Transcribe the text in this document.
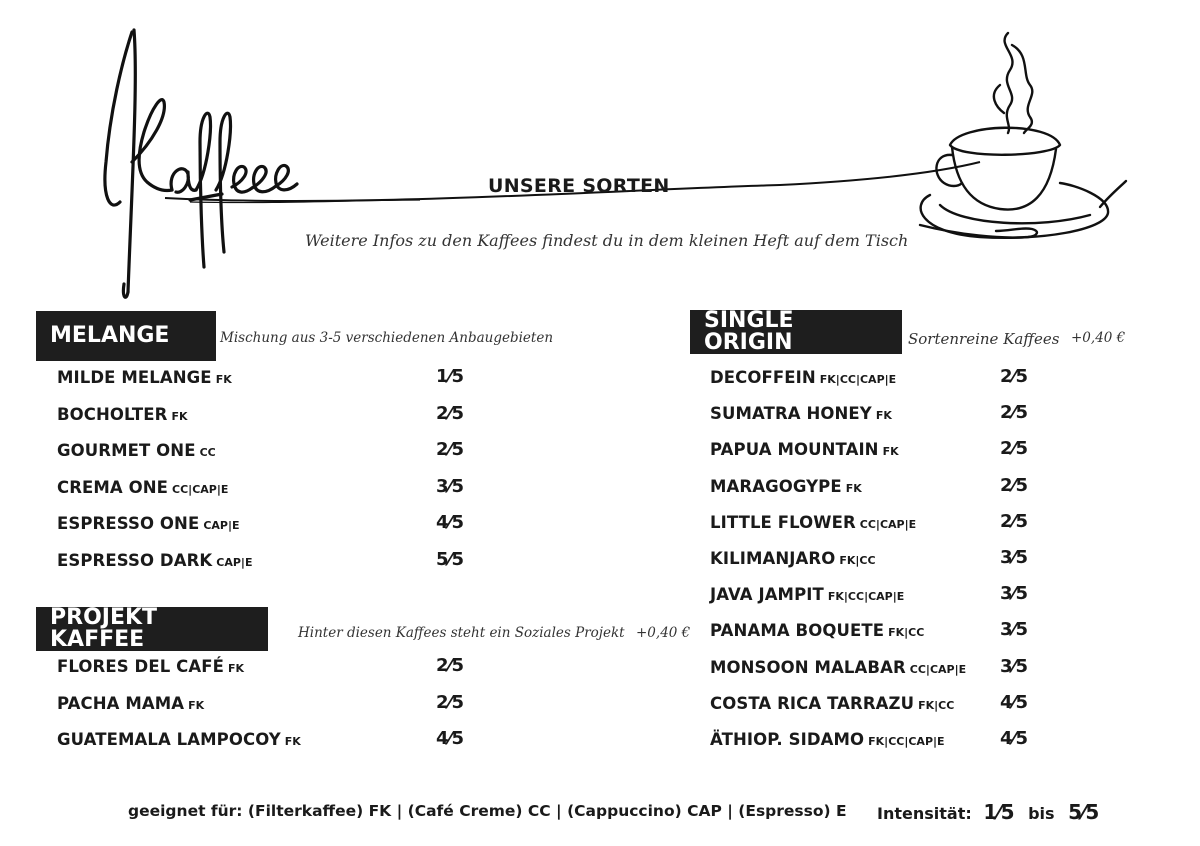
UNSERE SORTEN
Weitere Infos zu den Kaffees findest du in dem kleinen Heft auf dem Tisch
MELANGE	Mischung aus 3-5 verschiedenen Anbaugebieten
MILDE MELANGE FK	1⁄5
BOCHOLTER FK	2⁄5
GOURMET ONE CC	2⁄5
CREMA ONE CC|CAP|E	3⁄5
ESPRESSO ONE CAP|E	4⁄5
ESPRESSO DARK CAP|E	5⁄5
PROJEKT KAFFEE	Hinter diesen Kaffees steht ein Soziales Projekt +0,40 €
FLORES DEL CAFÉ FK	2⁄5
PACHA MAMA FK	2⁄5
GUATEMALA LAMPOCOY FK	4⁄5
SINGLE ORIGIN	Sortenreine Kaffees +0,40 €
DECOFFEIN FK|CC|CAP|E	2⁄5
SUMATRA HONEY FK	2⁄5
PAPUA MOUNTAIN FK	2⁄5
MARAGOGYPE FK	2⁄5
LITTLE FLOWER CC|CAP|E	2⁄5
KILIMANJARO FK|CC	3⁄5
JAVA JAMPIT FK|CC|CAP|E	3⁄5
PANAMA BOQUETE FK|CC	3⁄5
MONSOON MALABAR CC|CAP|E 3⁄5
COSTA RICA TARRAZU FK|CC	4⁄5
ÄTHIOP. SIDAMO FK|CC|CAP|E	4⁄5
geeignet für: (Filterkaffee) FK | (Café Creme) CC | (Cappuccino) CAP | (Espresso) E Intensität: 1⁄5 bis 5⁄5
